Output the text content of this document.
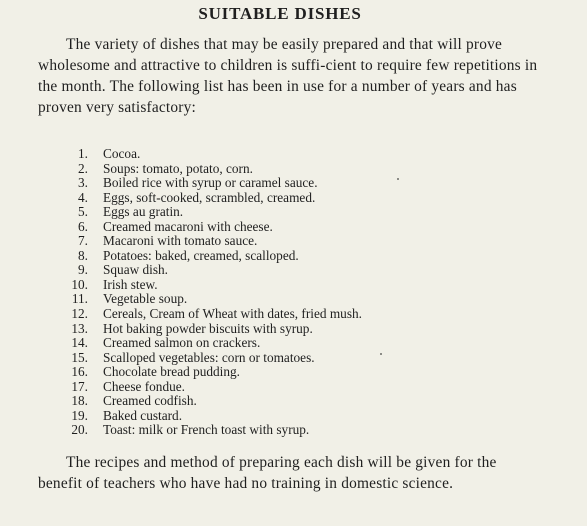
SUITABLE DISHES
The variety of dishes that may be easily prepared and that will prove wholesome and attractive to children is suffi-cient to require few repetitions in the month. The following list has been in use for a number of years and has proven very satisfactory:
1. Cocoa.
2. Soups: tomato, potato, corn.
3. Boiled rice with syrup or caramel sauce.
4. Eggs, soft-cooked, scrambled, creamed.
5. Eggs au gratin.
6. Creamed macaroni with cheese.
7. Macaroni with tomato sauce.
8. Potatoes: baked, creamed, scalloped.
9. Squaw dish.
10. Irish stew.
11. Vegetable soup.
12. Cereals, Cream of Wheat with dates, fried mush.
13. Hot baking powder biscuits with syrup.
14. Creamed salmon on crackers.
15. Scalloped vegetables: corn or tomatoes.
16. Chocolate bread pudding.
17. Cheese fondue.
18. Creamed codfish.
19. Baked custard.
20. Toast: milk or French toast with syrup.
The recipes and method of preparing each dish will be given for the benefit of teachers who have had no training in domestic science.
